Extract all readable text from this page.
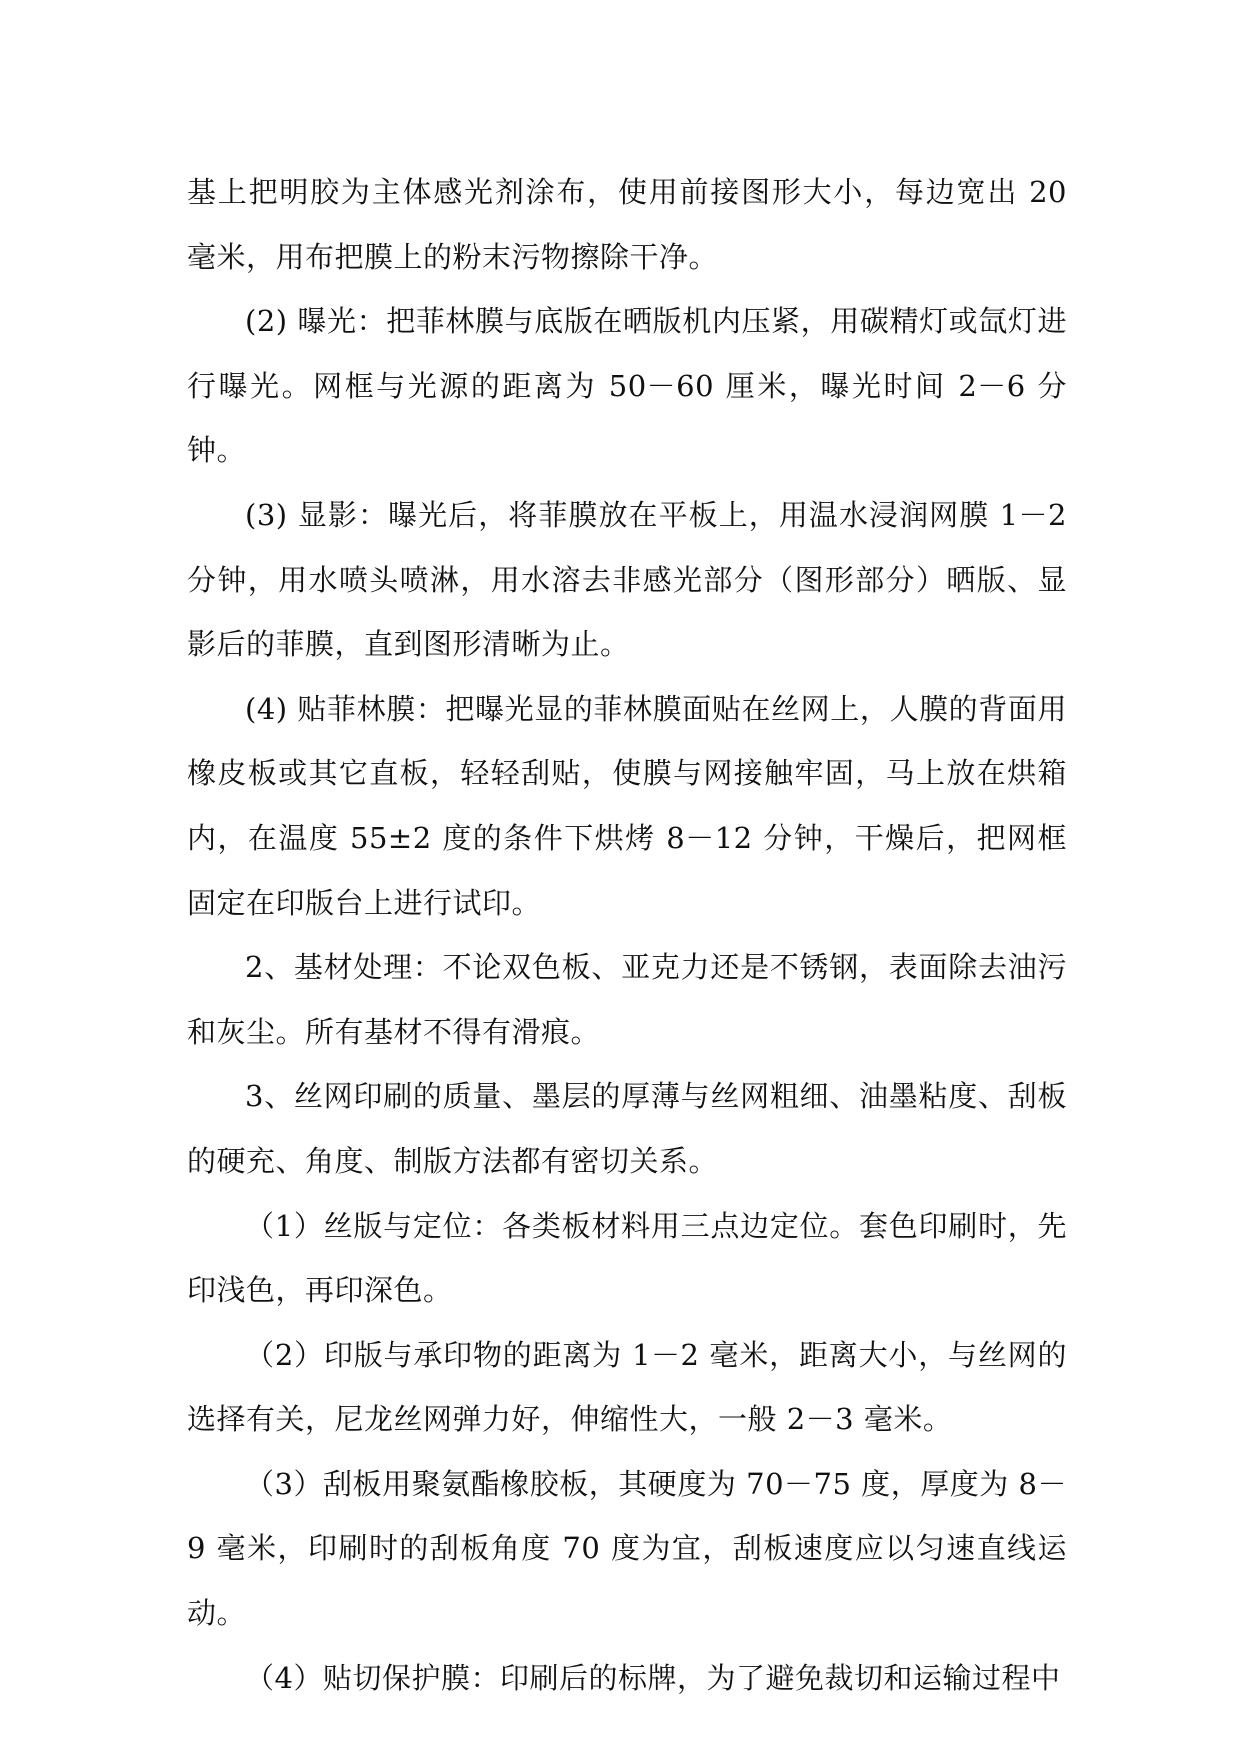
基上把明胶为主体感光剂涂布，使用前接图形大小，每边宽出 20 毫米，用布把膜上的粉末污物擦除干净。

(2) 曝光：把菲林膜与底版在晒版机内压紧，用碳精灯或氙灯进行曝光。网框与光源的距离为 50－60 厘米，曝光时间 2－6 分钟。

(3) 显影：曝光后，将菲膜放在平板上，用温水浸润网膜 1－2 分钟，用水喷头喷淋，用水溶去非感光部分（图形部分）晒版、显影后的菲膜，直到图形清晰为止。

(4) 贴菲林膜：把曝光显的菲林膜面贴在丝网上，人膜的背面用橡皮板或其它直板，轻轻刮贴，使膜与网接触牢固，马上放在烘箱内，在温度 55±2 度的条件下烘烤 8－12 分钟，干燥后，把网框固定在印版台上进行试印。

2、基材处理：不论双色板、亚克力还是不锈钢，表面除去油污和灰尘。所有基材不得有滑痕。

3、丝网印刷的质量、墨层的厚薄与丝网粗细、油墨粘度、刮板的硬充、角度、制版方法都有密切关系。

（1）丝版与定位：各类板材料用三点边定位。套色印刷时，先印浅色，再印深色。

（2）印版与承印物的距离为 1－2 毫米，距离大小，与丝网的选择有关，尼龙丝网弹力好，伸缩性大，一般 2－3 毫米。

（3）刮板用聚氨酯橡胶板，其硬度为 70－75 度，厚度为 8－9 毫米，印刷时的刮板角度 70 度为宜，刮板速度应以匀速直线运动。

（4）贴切保护膜：印刷后的标牌，为了避免裁切和运输过程中
